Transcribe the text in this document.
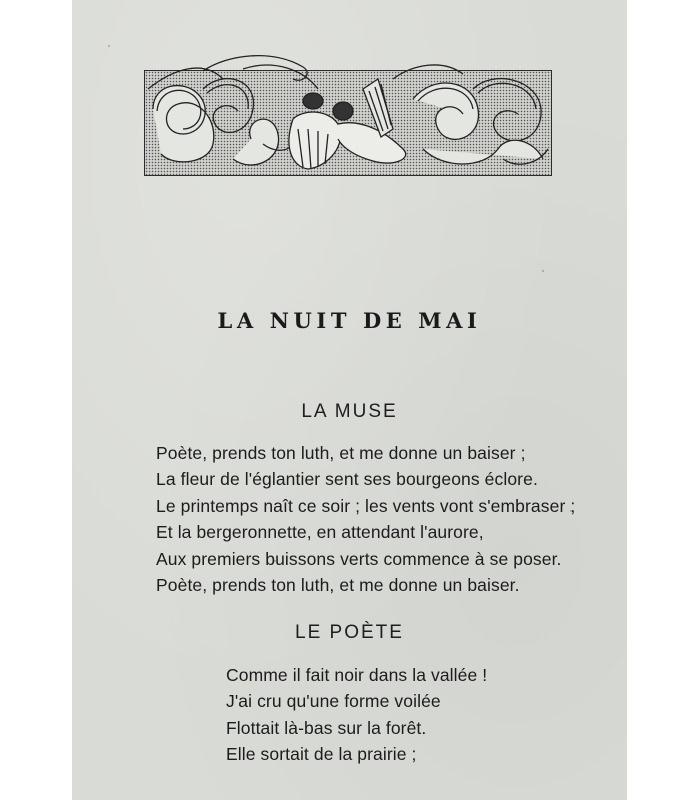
LA NUIT DE MAI
LA MUSE
Poète, prends ton luth, et me donne un baiser ;
La fleur de l'églantier sent ses bourgeons éclore.
Le printemps naît ce soir ; les vents vont s'embraser ;
Et la bergeronnette, en attendant l'aurore,
Aux premiers buissons verts commence à se poser.
Poète, prends ton luth, et me donne un baiser.
LE POÈTE
Comme il fait noir dans la vallée !
J'ai cru qu'une forme voilée
Flottait là-bas sur la forêt.
Elle sortait de la prairie ;
